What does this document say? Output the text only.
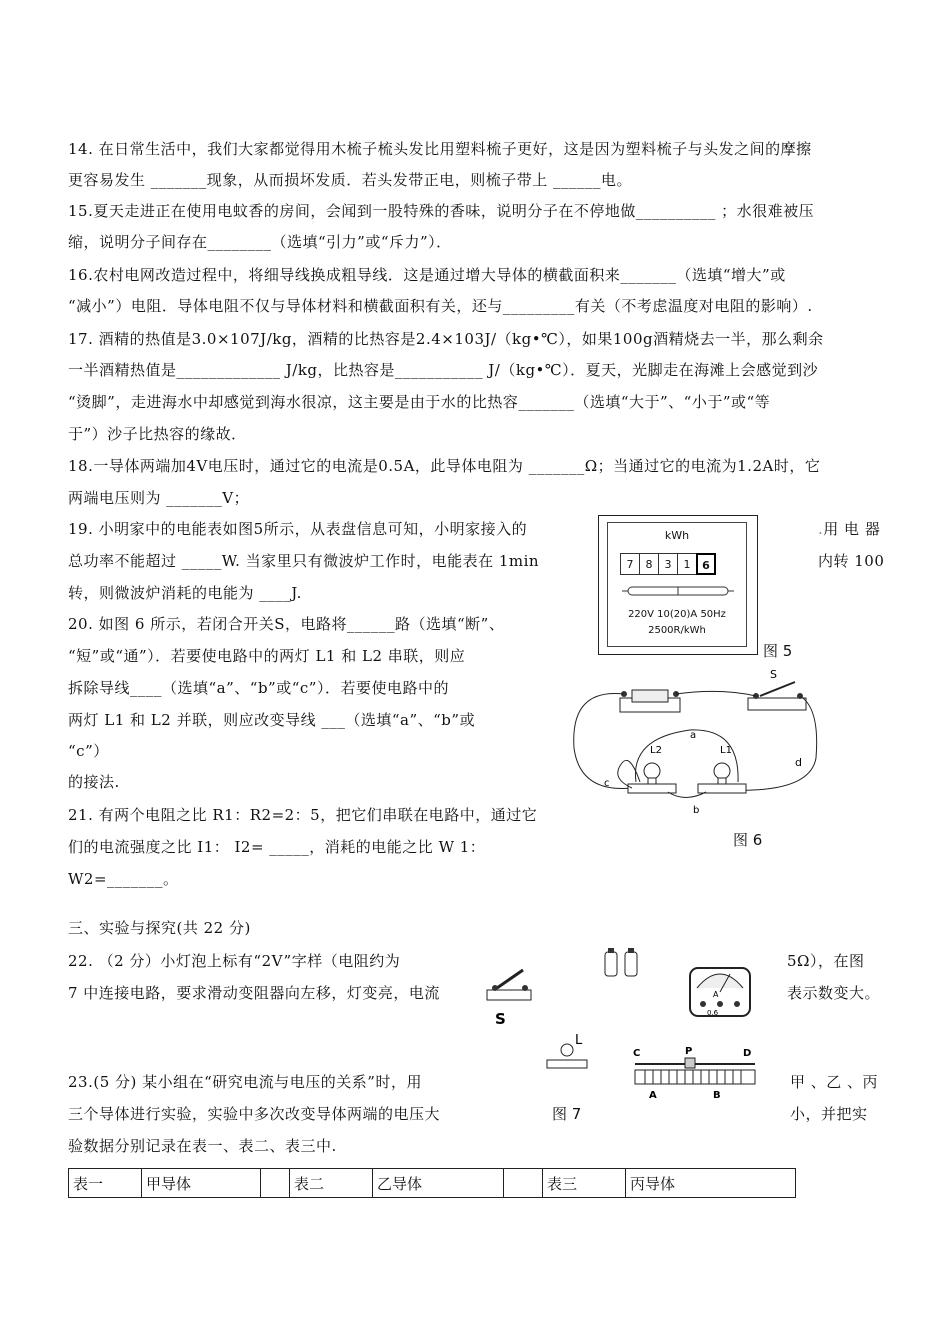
14. 在日常生活中，我们大家都觉得用木梳子梳头发比用塑料梳子更好，这是因为塑料梳子与头发之间的摩擦
更容易发生 _______现象，从而损坏发质．若头发带正电，则梳子带上 ______电。
15.夏天走进正在使用电蚊香的房间，会闻到一股特殊的香味，说明分子在不停地做__________ ；水很难被压
缩，说明分子间存在________（选填“引力”或“斥力”）．
16.农村电网改造过程中，将细导线换成粗导线．这是通过增大导体的横截面积来_______（选填“增大”或
“减小”）电阻．导体电阻不仅与导体材料和横截面积有关，还与_________有关（不考虑温度对电阻的影响）.
17. 酒精的热值是3.0×107J/kg，酒精的比热容是2.4×103J/（kg•℃），如果100g酒精烧去一半，那么剩余
一半酒精热值是_____________ J/kg，比热容是___________ J/（kg•℃）．夏天，光脚走在海滩上会感觉到沙
“烫脚”，走进海水中却感觉到海水很凉，这主要是由于水的比热容_______（选填“大于”、“小于”或“等
于”）沙子比热容的缘故．
18.一导体两端加4V电压时，通过它的电流是0.5A，此导体电阻为 _______Ω；当通过它的电流为1.2A时，它
两端电压则为 _______V；
19. 小明家中的电能表如图5所示，从表盘信息可知，小明家接入的	.用 电 器
总功率不能超过 _____W. 当家里只有微波炉工作时，电能表在 1min	内转 100
转，则微波炉消耗的电能为 ____J.
kWh
7	8	3	1	6
220V 10(20)A 50Hz
2500R/kWh
图 5
20. 如图 6 所示，若闭合开关S，电路将______路（选填“断”、
“短”或“通”）．若要使电路中的两灯 L1 和 L2 串联，则应
拆除导线____（选填“a”、“b”或“c”）．若要使电路中的
两灯 L1 和 L2 并联，则应改变导线 ___（选填“a”、“b”或
“c”）
的接法.
S
L2	L1
a
b
c
d
图 6
21. 有两个电阻之比 R1：R2=2：5，把它们串联在电路中，通过它
们的电流强度之比 I1： I2= _____，消耗的电能之比 W 1：
W2=_______。
三、实验与探究(共 22 分)
22. （2 分）小灯泡上标有“2V”字样（电阻约为	5Ω），在图
7 中连接电路，要求滑动变阻器向左移，灯变亮，电流	表示数变大。
S
A
0.6
L
C	P	D
A	B
图 7
23.(5 分) 某小组在“研究电流与电压的关系”时，用	甲 、乙 、丙
三个导体进行实验，实验中多次改变导体两端的电压大	小，并把实
验数据分别记录在表一、表二、表三中.
表一	甲导体		表二	乙导体		表三	丙导体
